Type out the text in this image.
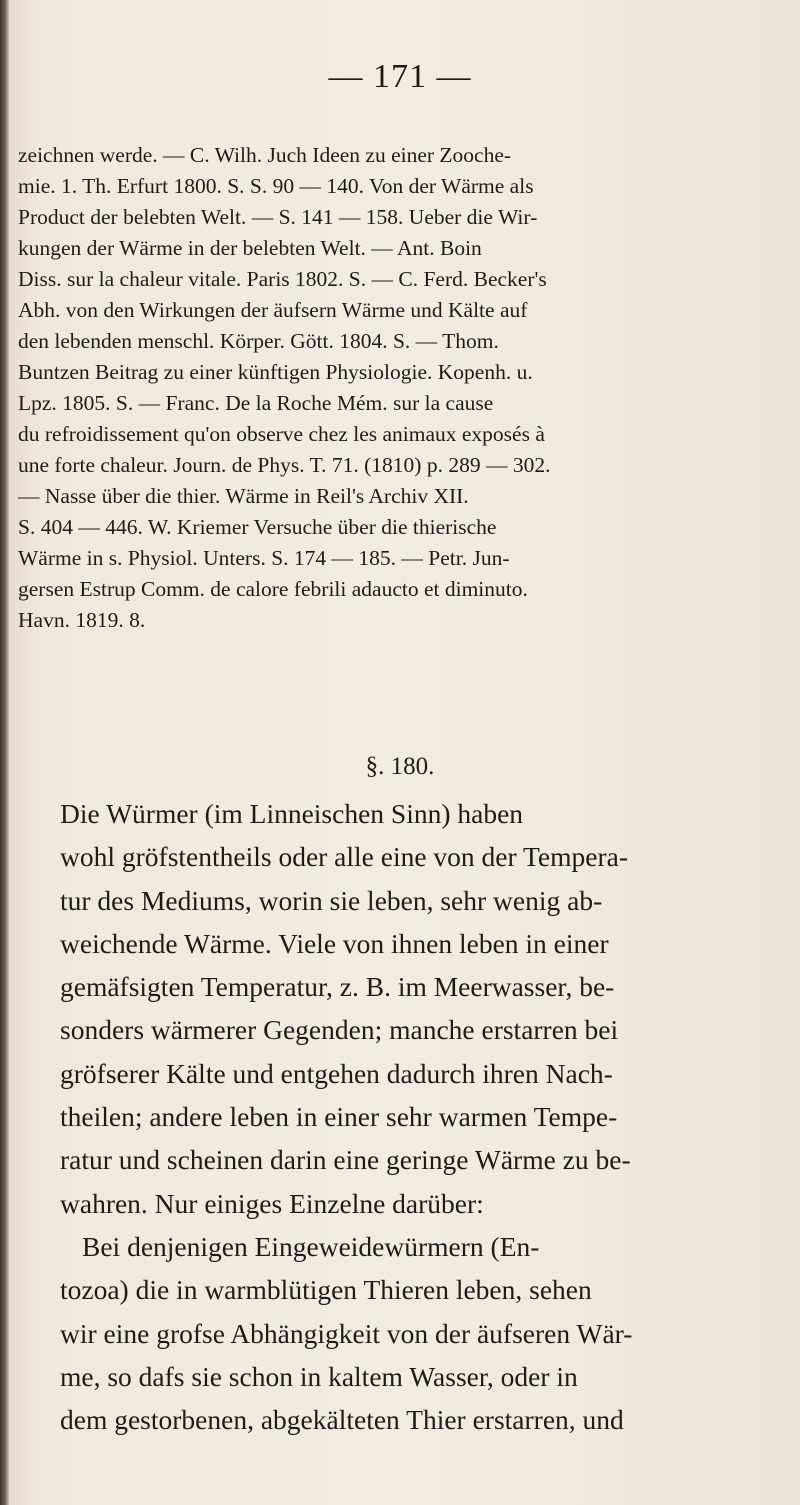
— 171 —
zeichnen werde. — C. Wilh. Juch Ideen zu einer Zooche-
mie. 1. Th. Erfurt 1800. S. S. 90 — 140. Von der Wärme als
Product der belebten Welt. — S. 141 — 158. Ueber die Wir-
kungen der Wärme in der belebten Welt. — Ant. Boin
Diss. sur la chaleur vitale. Paris 1802. S. — C. Ferd. Becker's
Abh. von den Wirkungen der äufsern Wärme und Kälte auf
den lebenden menschl. Körper. Gött. 1804. S. — Thom.
Buntzen Beitrag zu einer künftigen Physiologie. Kopenh. u.
Lpz. 1805. S. — Franc. De la Roche Mém. sur la cause
du refroidissement qu'on observe chez les animaux exposés à
une forte chaleur. Journ. de Phys. T. 71. (1810) p. 289 — 302.
— Nasse über die thier. Wärme in Reil's Archiv XII.
S. 404 — 446. W. Kriemer Versuche über die thierische
Wärme in s. Physiol. Unters. S. 174 — 185. — Petr. Jun-
gersen Estrup Comm. de calore febrili adaucto et diminuto.
Havn. 1819. 8.
§. 180.
Die Würmer (im Linneischen Sinn) haben
wohl gröfstentheils oder alle eine von der Tempera-
tur des Mediums, worin sie leben, sehr wenig ab-
weichende Wärme. Viele von ihnen leben in einer
gemäfsigten Temperatur, z. B. im Meerwasser, be-
sonders wärmerer Gegenden; manche erstarren bei
gröfserer Kälte und entgehen dadurch ihren Nach-
theilen; andere leben in einer sehr warmen Tempe-
ratur und scheinen darin eine geringe Wärme zu be-
wahren. Nur einiges Einzelne darüber:
Bei denjenigen Eingeweidewürmern (En-
tozoa) die in warmblütigen Thieren leben, sehen
wir eine grofse Abhängigkeit von der äufseren Wär-
me, so dafs sie schon in kaltem Wasser, oder in
dem gestorbenen, abgekälteten Thier erstarren, und
